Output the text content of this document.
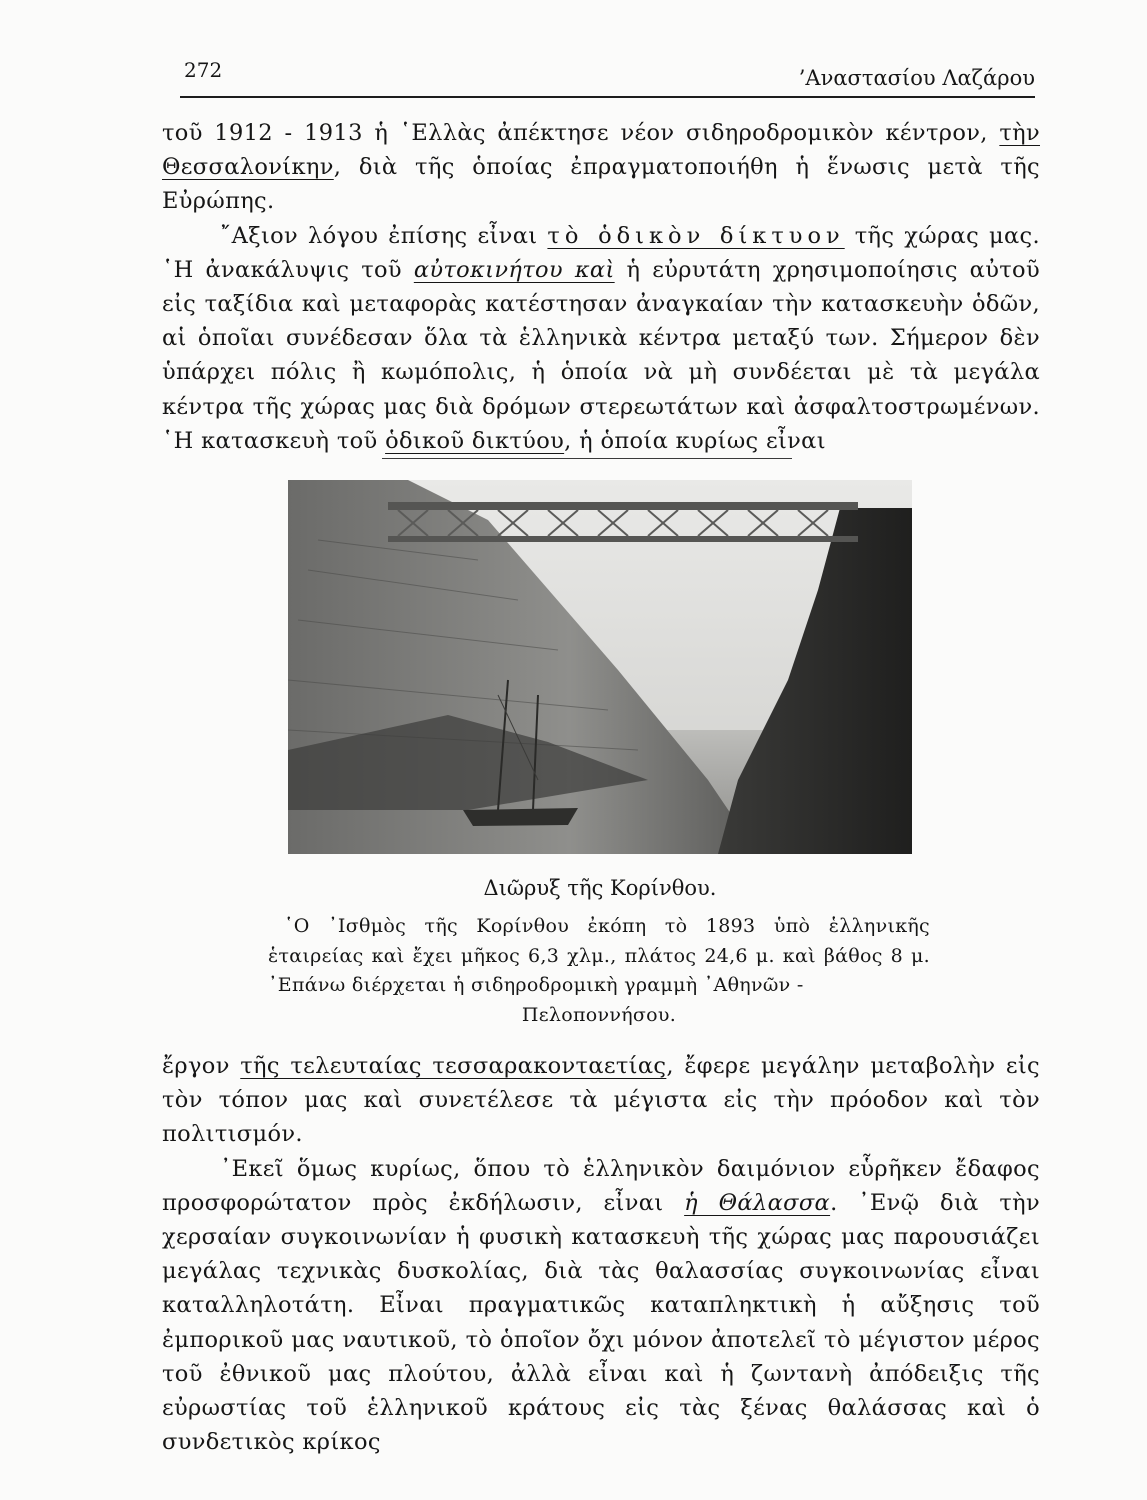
272	’Αναστασίου Λαζάρου

τοῦ 1912 - 1913 ἡ ῾Ελλὰς ἀπέκτησε νέον σιδηροδρομικὸν κέντρον, τὴν Θεσσαλονίκην, διὰ τῆς ὁποίας ἐπραγματοποιήθη ἡ ἕνωσις μετὰ τῆς Εὐρώπης.

῎Αξιον λόγου ἐπίσης εἶναι τὸ ὁδικὸν δίκτυον τῆς χώρας μας. ῾Η ἀνακάλυψις τοῦ αὐτοκινήτου καὶ ἡ εὐρυτάτη χρησιμοποίησις αὐτοῦ εἰς ταξίδια καὶ μεταφορὰς κατέστησαν ἀναγκαίαν τὴν κατασκευὴν ὁδῶν, αἱ ὁποῖαι συνέδεσαν ὅλα τὰ ἑλληνικὰ κέντρα μεταξύ των. Σήμερον δὲν ὑπάρχει πόλις ἢ κωμόπολις, ἡ ὁποία νὰ μὴ συνδέεται μὲ τὰ μεγάλα κέντρα τῆς χώρας μας διὰ δρόμων στερεωτάτων καὶ ἀσφαλτοστρωμένων. ῾Η κατασκευὴ τοῦ ὁδικοῦ δικτύου, ἡ ὁποία κυρίως εἶναι

Διῶρυξ τῆς Κορίνθου.
῾Ο ᾿Ισθμὸς τῆς Κορίνθου ἐκόπη τὸ 1893 ὑπὸ ἑλληνικῆς ἑταιρείας καὶ ἔχει μῆκος 6,3 χλμ., πλάτος 24,6 μ. καὶ βάθος 8 μ. ᾿Επάνω διέρχεται ἡ σιδηροδρομικὴ γραμμὴ ᾿Αθηνῶν -
Πελοποννήσου.

ἔργον τῆς τελευταίας τεσσαρακονταετίας, ἔφερε μεγάλην μεταβολὴν εἰς τὸν τόπον μας καὶ συνετέλεσε τὰ μέγιστα εἰς τὴν πρόοδον καὶ τὸν πολιτισμόν.

᾿Εκεῖ ὅμως κυρίως, ὅπου τὸ ἑλληνικὸν δαιμόνιον εὗρῆκεν ἔδαφος προσφορώτατον πρὸς ἐκδήλωσιν, εἶναι ἡ Θάλασσα. ᾿Ενῷ διὰ τὴν χερσαίαν συγκοινωνίαν ἡ φυσικὴ κατασκευὴ τῆς χώρας μας παρουσιάζει μεγάλας τεχνικὰς δυσκολίας, διὰ τὰς θαλασσίας συγκοινωνίας εἶναι καταλληλοτάτη. Εἶναι πραγματικῶς καταπληκτικὴ ἡ αὔξησις τοῦ ἐμπορικοῦ μας ναυτικοῦ, τὸ ὁποῖον ὄχι μόνον ἀποτελεῖ τὸ μέγιστον μέρος τοῦ ἐθνικοῦ μας πλούτου, ἀλλὰ εἶναι καὶ ἡ ζωντανὴ ἀπόδειξις τῆς εὐρωστίας τοῦ ἑλληνικοῦ κράτους εἰς τὰς ξένας θαλάσσας καὶ ὁ συνδετικὸς κρίκος
